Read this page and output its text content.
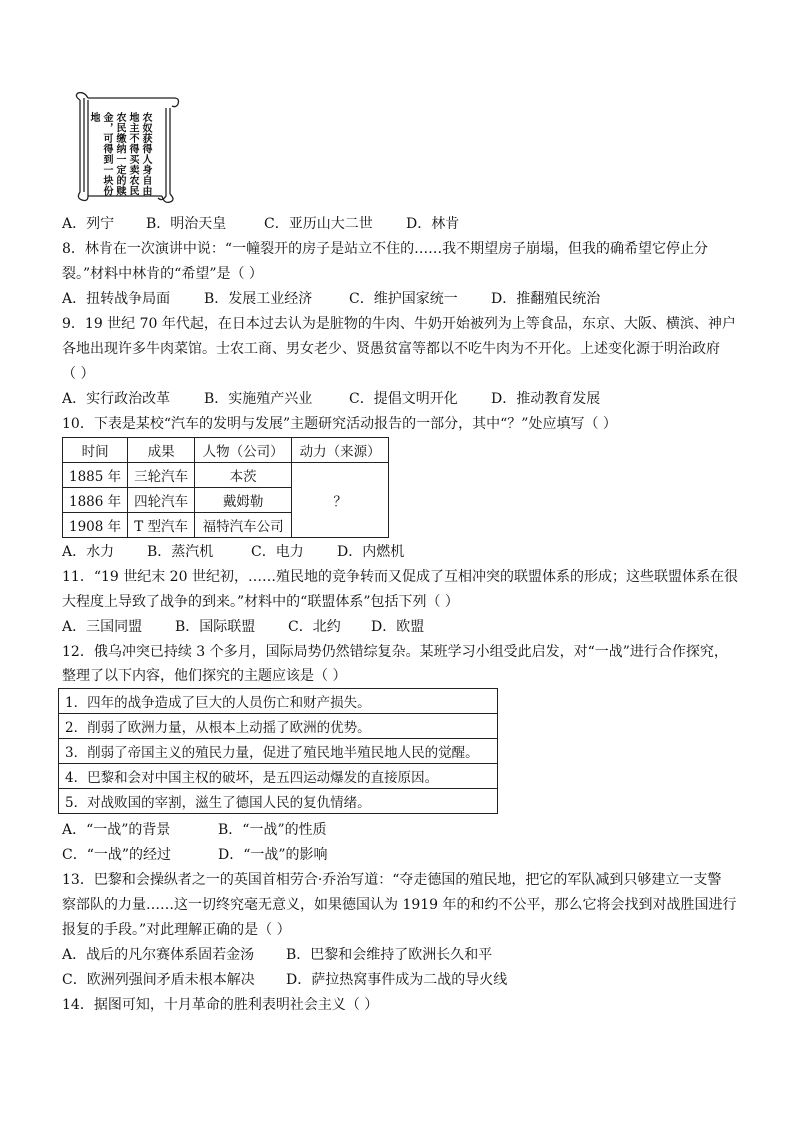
农奴获得人身自由
地主不得买卖农民
农民缴纳一定的赎
金，可得到一块份
地
A．列宁 B．明治天皇	C．亚历山大二世 D．林肯
8．林肯在一次演讲中说：“一幢裂开的房子是站立不住的……我不期望房子崩塌，但我的确希望它停止分
裂。”材料中林肯的“希望”是（ ）
A．扭转战争局面 B．发展工业经济	C．维护国家统一 D．推翻殖民统治
9．19 世纪 70 年代起，在日本过去认为是脏物的牛肉、牛奶开始被列为上等食品，东京、大阪、横滨、神户
各地出现许多牛肉菜馆。士农工商、男女老少、贤愚贫富等都以不吃牛肉为不开化。上述变化源于明治政府
（ ）
A．实行政治改革 B．实施殖产兴业	C．提倡文明开化 D．推动教育发展
10．下表是某校“汽车的发明与发展”主题研究活动报告的一部分，其中“？”处应填写（ ）
时间	成果	人物（公司）	动力（来源）
1885 年	三轮汽车	本茨	？
1886 年	四轮汽车	戴姆勒	
1908 年	T 型汽车	福特汽车公司	
A．水力 B．蒸汽机	C．电力 D．内燃机
11．“19 世纪末 20 世纪初，……殖民地的竞争转而又促成了互相冲突的联盟体系的形成；这些联盟体系在很
大程度上导致了战争的到来。”材料中的“联盟体系”包括下列（ ）
A．三国同盟 B．国际联盟 C．北约 D．欧盟
12．俄乌冲突已持续 3 个多月，国际局势仍然错综复杂。某班学习小组受此启发，对“一战”进行合作探究，
整理了以下内容，他们探究的主题应该是（ ）
1．四年的战争造成了巨大的人员伤亡和财产损失。
2．削弱了欧洲力量，从根本上动摇了欧洲的优势。
3．削弱了帝国主义的殖民力量，促进了殖民地半殖民地人民的觉醒。
4．巴黎和会对中国主权的破坏，是五四运动爆发的直接原因。
5．对战败国的宰割，滋生了德国人民的复仇情绪。
A．“一战”的背景	B．“一战”的性质
C．“一战”的经过	D．“一战”的影响
13．巴黎和会操纵者之一的英国首相劳合·乔治写道：“夺走德国的殖民地，把它的军队减到只够建立一支警
察部队的力量……这一切终究毫无意义，如果德国认为 1919 年的和约不公平，那么它将会找到对战胜国进行
报复的手段。”对此理解正确的是（ ）
A．战后的凡尔赛体系固若金汤 B．巴黎和会维持了欧洲长久和平
C．欧洲列强间矛盾未根本解决 D．萨拉热窝事件成为二战的导火线
14．据图可知，十月革命的胜利表明社会主义（ ）
